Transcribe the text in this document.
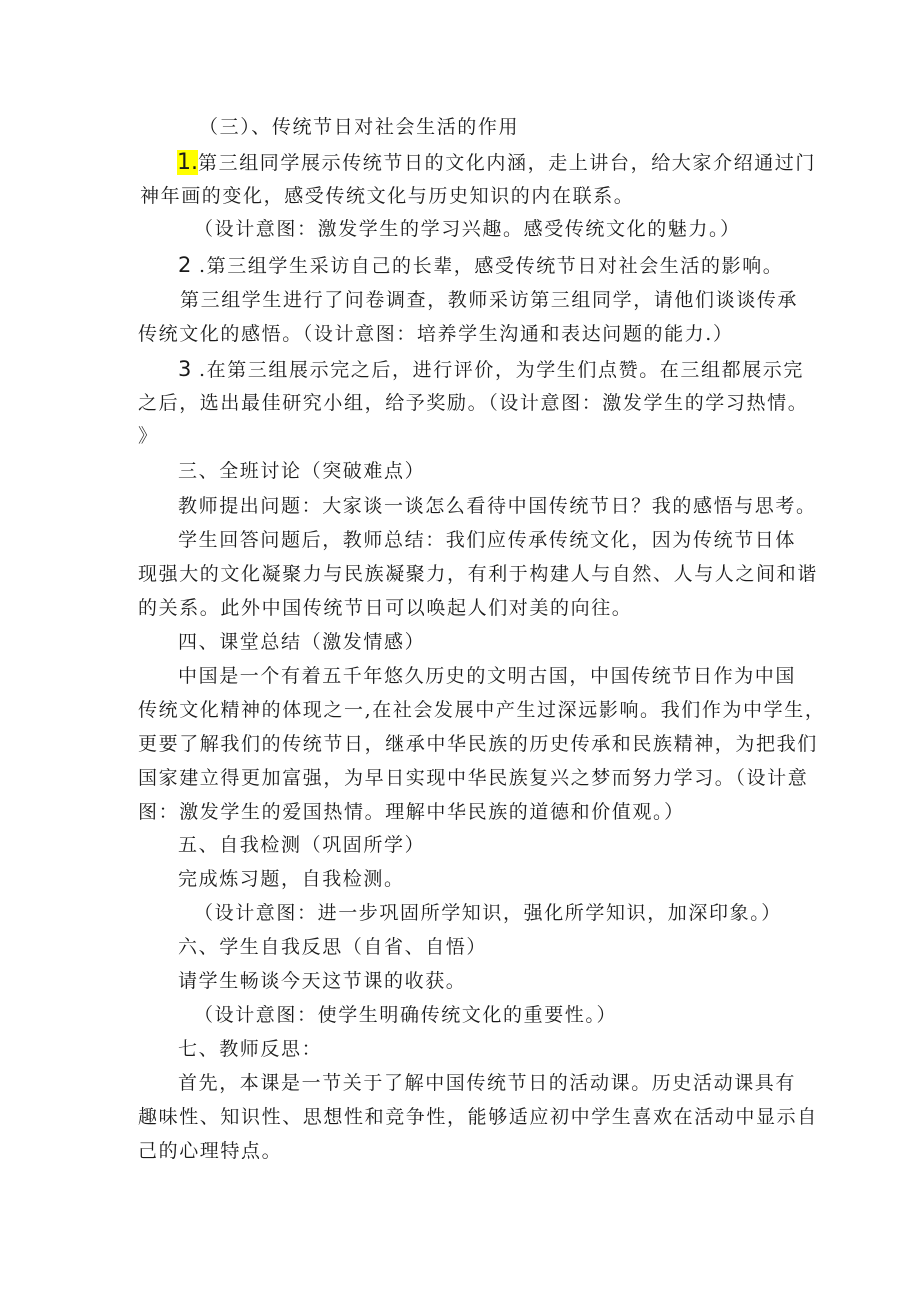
（三）、传统节日对社会生活的作用
1.第三组同学展示传统节日的文化内涵，走上讲台，给大家介绍通过门
神年画的变化，感受传统文化与历史知识的内在联系。
（设计意图：激发学生的学习兴趣。感受传统文化的魅力。）
2 .第三组学生采访自己的长辈，感受传统节日对社会生活的影响。
第三组学生进行了问卷调查，教师采访第三组同学，请他们谈谈传承
传统文化的感悟。（设计意图：培养学生沟通和表达问题的能力.）
3 .在第三组展示完之后，进行评价，为学生们点赞。在三组都展示完
之后，选出最佳研究小组，给予奖励。（设计意图：激发学生的学习热情。
》
三、全班讨论（突破难点）
教师提出问题：大家谈一谈怎么看待中国传统节日？我的感悟与思考。
学生回答问题后，教师总结：我们应传承传统文化，因为传统节日体
现强大的文化凝聚力与民族凝聚力，有利于构建人与自然、人与人之间和谐
的关系。此外中国传统节日可以唤起人们对美的向往。
四、课堂总结（激发情感）
中国是一个有着五千年悠久历史的文明古国，中国传统节日作为中国
传统文化精神的体现之一,在社会发展中产生过深远影响。我们作为中学生，
更要了解我们的传统节日，继承中华民族的历史传承和民族精神，为把我们
国家建立得更加富强，为早日实现中华民族复兴之梦而努力学习。（设计意
图：激发学生的爱国热情。理解中华民族的道德和价值观。）
五、自我检测（巩固所学）
完成炼习题，自我检测。
（设计意图：进一步巩固所学知识，强化所学知识，加深印象。）
六、学生自我反思（自省、自悟）
请学生畅谈今天这节课的收获。
（设计意图：使学生明确传统文化的重要性。）
七、教师反思：
首先，本课是一节关于了解中国传统节日的活动课。历史活动课具有
趣味性、知识性、思想性和竞争性，能够适应初中学生喜欢在活动中显示自
己的心理特点。
